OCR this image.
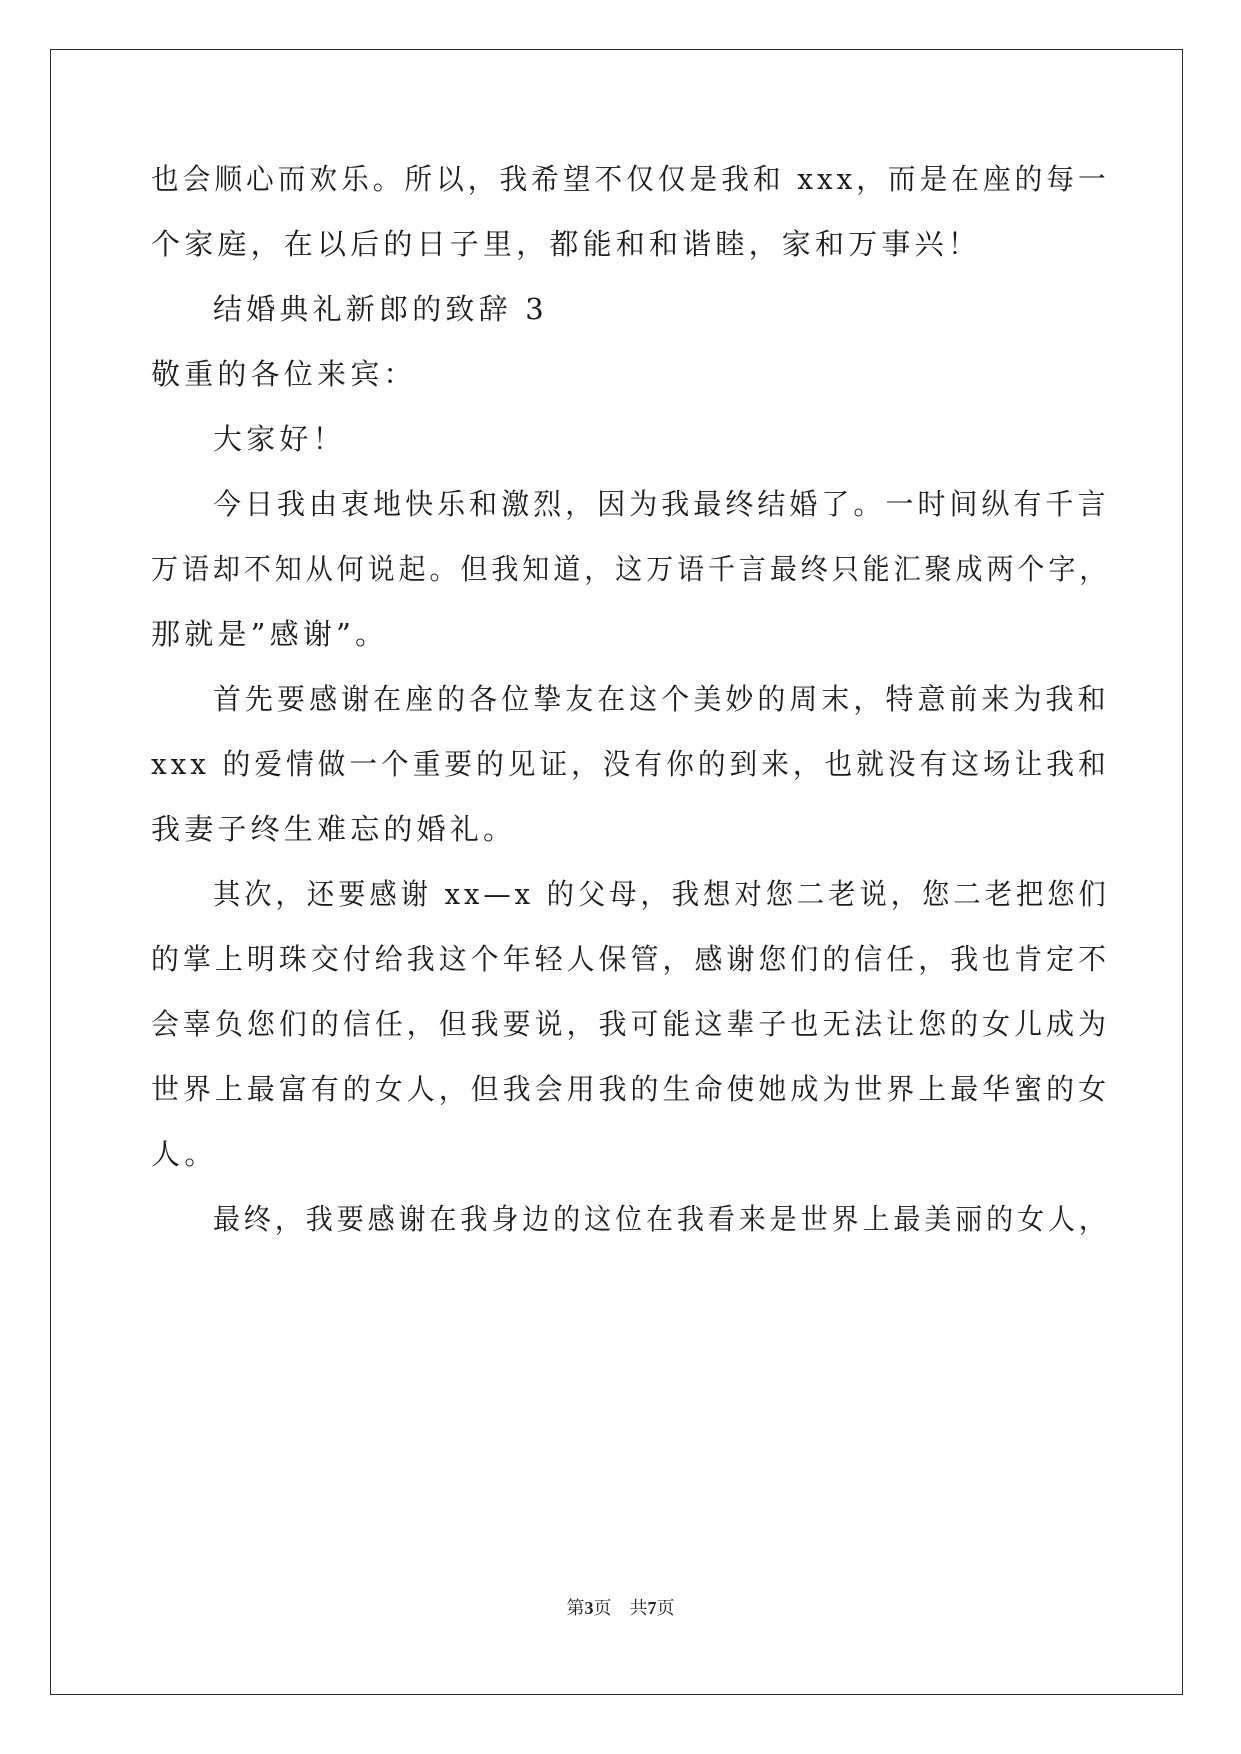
也会顺心而欢乐。所以，我希望不仅仅是我和 xxx，而是在座的每一
个家庭，在以后的日子里，都能和和谐睦，家和万事兴！
结婚典礼新郎的致辞 3
敬重的各位来宾：
大家好！
今日我由衷地快乐和激烈，因为我最终结婚了。一时间纵有千言
万语却不知从何说起。但我知道，这万语千言最终只能汇聚成两个字，
那就是”感谢”。
首先要感谢在座的各位挚友在这个美妙的周末，特意前来为我和
xxx 的爱情做一个重要的见证，没有你的到来，也就没有这场让我和
我妻子终生难忘的婚礼。
其次，还要感谢 xx—x 的父母，我想对您二老说，您二老把您们
的掌上明珠交付给我这个年轻人保管，感谢您们的信任，我也肯定不
会辜负您们的信任，但我要说，我可能这辈子也无法让您的女儿成为
世界上最富有的女人，但我会用我的生命使她成为世界上最华蜜的女
人。
最终，我要感谢在我身边的这位在我看来是世界上最美丽的女人，
第3页 共7页
